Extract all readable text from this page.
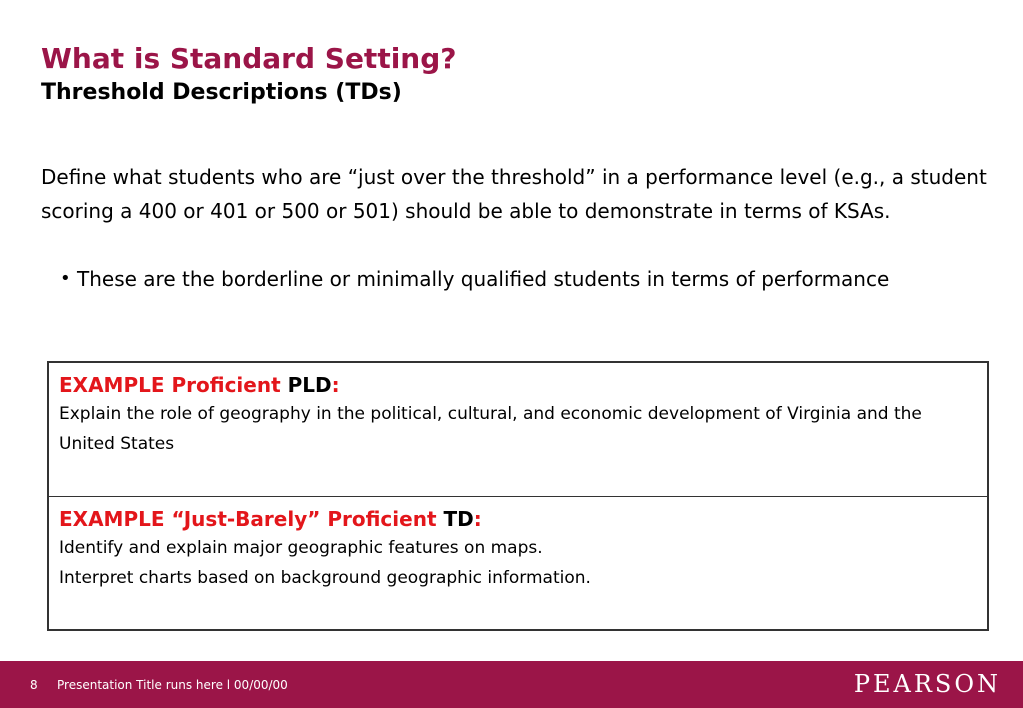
What is Standard Setting?
Threshold Descriptions (TDs)
Define what students who are “just over the threshold” in a performance level (e.g., a student scoring a 400 or 401 or 500 or 501) should be able to demonstrate in terms of KSAs.
• These are the borderline or minimally qualified students in terms of performance
EXAMPLE Proficient PLD:
Explain the role of geography in the political, cultural, and economic development of Virginia and the United States
EXAMPLE “Just-Barely” Proficient TD:
Identify and explain major geographic features on maps.
Interpret charts based on background geographic information.
8 Presentation Title runs here l 00/00/00	PEARSON
